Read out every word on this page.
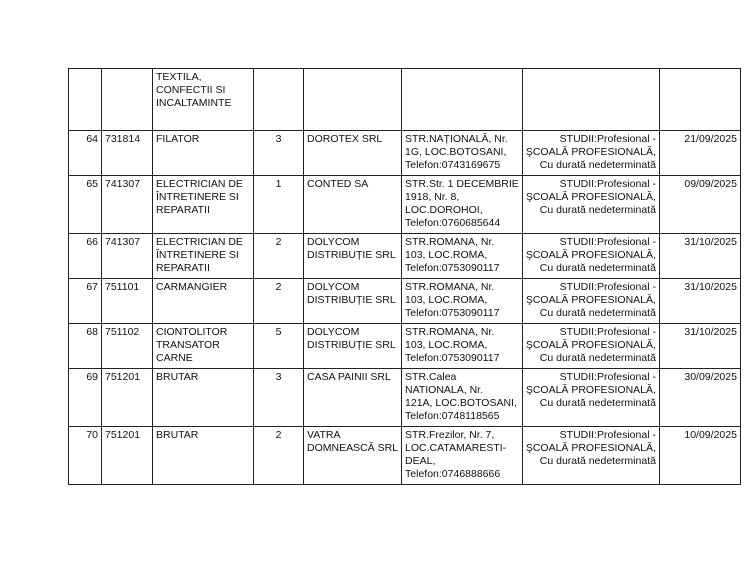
		TEXTILA,
CONFECTII SI
INCALTAMINTE					

64	731814	FILATOR	3	DOROTEX SRL	STR.NAȚIONALĂ, Nr.
1G, LOC.BOTOSANI,
Telefon:0743169675	STUDII:Profesional -
ŞCOALĂ PROFESIONALĂ,
Cu durată nedeterminată	21/09/2025
65	741307	ELECTRICIAN DE
ÎNTRETINERE SI
REPARATII	1	CONTED SA	STR.Str. 1 DECEMBRIE
1918, Nr. 8,
LOC.DOROHOI,
Telefon:0760685644	STUDII:Profesional -
ŞCOALĂ PROFESIONALĂ,
Cu durată nedeterminată	09/09/2025
66	741307	ELECTRICIAN DE
ÎNTRETINERE SI
REPARATII	2	DOLYCOM
DISTRIBUȚIE SRL	STR.ROMANA, Nr.
103, LOC.ROMA,
Telefon:0753090117	STUDII:Profesional -
ŞCOALĂ PROFESIONALĂ,
Cu durată nedeterminată	31/10/2025
67	751101	CARMANGIER	2	DOLYCOM
DISTRIBUȚIE SRL	STR.ROMANA, Nr.
103, LOC.ROMA,
Telefon:0753090117	STUDII:Profesional -
ŞCOALĂ PROFESIONALĂ,
Cu durată nedeterminată	31/10/2025
68	751102	CIONTOLITOR
TRANSATOR
CARNE	5	DOLYCOM
DISTRIBUȚIE SRL	STR.ROMANA, Nr.
103, LOC.ROMA,
Telefon:0753090117	STUDII:Profesional -
ŞCOALĂ PROFESIONALĂ,
Cu durată nedeterminată	31/10/2025
69	751201	BRUTAR	3	CASA PAINII SRL	STR.Calea
NATIONALA, Nr.
121A, LOC.BOTOSANI,
Telefon:0748118565	STUDII:Profesional -
ŞCOALĂ PROFESIONALĂ,
Cu durată nedeterminată	30/09/2025
70	751201	BRUTAR	2	VATRA
DOMNEASCĂ SRL	STR.Frezilor, Nr. 7,
LOC.CATAMARESTI-
DEAL,
Telefon:0746888666	STUDII:Profesional -
ŞCOALĂ PROFESIONALĂ,
Cu durată nedeterminată	10/09/2025
